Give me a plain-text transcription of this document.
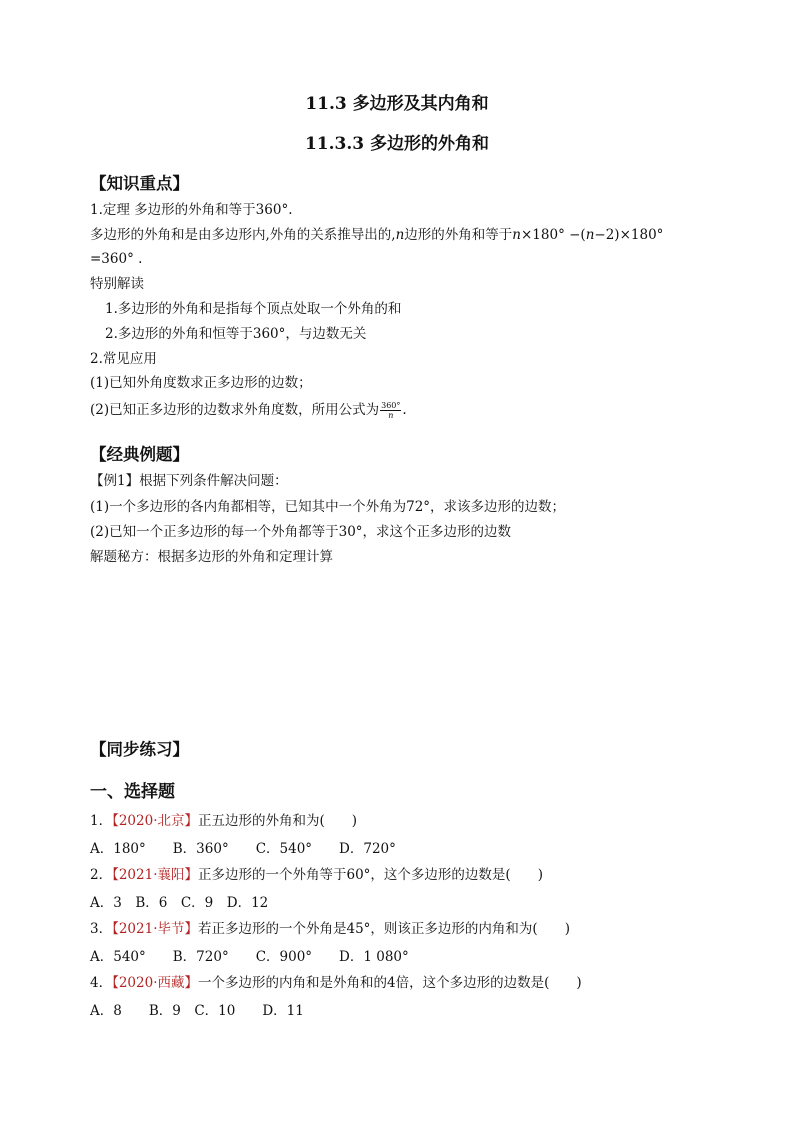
11.3 多边形及其内角和
11.3.3 多边形的外角和
【知识重点】
1.定理 多边形的外角和等于360°.
多边形的外角和是由多边形内,外角的关系推导出的,n边形的外角和等于n×180° −(n−2)×180°
=360° .
特别解读
1.多边形的外角和是指每个顶点处取一个外角的和
2.多边形的外角和恒等于360°，与边数无关
2.常见应用
(1)已知外角度数求正多边形的边数；
(2)已知正多边形的边数求外角度数，所用公式为 $\frac{360^\circ}{n}$ .
【经典例题】
【例1】根据下列条件解决问题：
(1)一个多边形的各内角都相等，已知其中一个外角为72°，求该多边形的边数；
(2)已知一个正多边形的每一个外角都等于30°，求这个正多边形的边数
解题秘方：根据多边形的外角和定理计算
【同步练习】
一、选择题
1．【2020·北京】正五边形的外角和为(　　)
A．180°　　B．360°　　C．540°　　D．720°
2．【2021·襄阳】正多边形的一个外角等于60°，这个多边形的边数是(　　)
A．3　B．6　C．9　D．12
3．【2021·毕节】若正多边形的一个外角是45°，则该正多边形的内角和为(　　)
A．540°　　B．720°　　C．900°　　D．1 080°
4．【2020·西藏】一个多边形的内角和是外角和的4倍，这个多边形的边数是(　　)
A．8　　B．9　C．10　　D．11
